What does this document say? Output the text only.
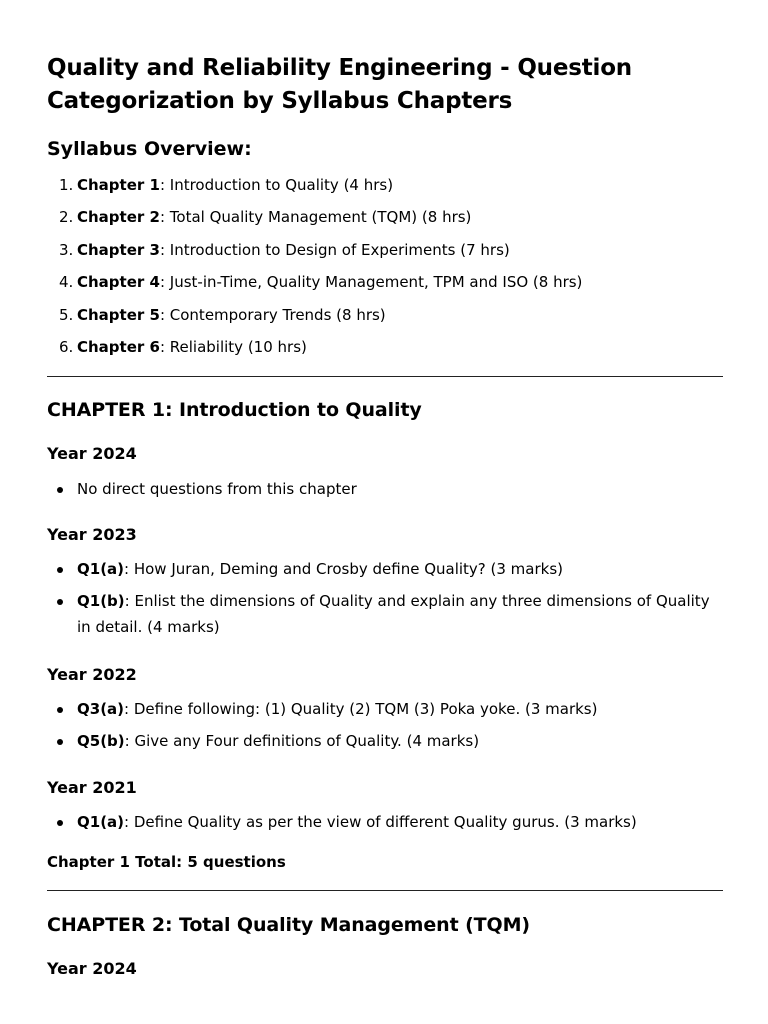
Quality and Reliability Engineering - Question Categorization by Syllabus Chapters
Syllabus Overview:
1. Chapter 1: Introduction to Quality (4 hrs)
2. Chapter 2: Total Quality Management (TQM) (8 hrs)
3. Chapter 3: Introduction to Design of Experiments (7 hrs)
4. Chapter 4: Just-in-Time, Quality Management, TPM and ISO (8 hrs)
5. Chapter 5: Contemporary Trends (8 hrs)
6. Chapter 6: Reliability (10 hrs)
CHAPTER 1: Introduction to Quality
Year 2024
No direct questions from this chapter
Year 2023
Q1(a): How Juran, Deming and Crosby define Quality? (3 marks)
Q1(b): Enlist the dimensions of Quality and explain any three dimensions of Quality in detail. (4 marks)
Year 2022
Q3(a): Define following: (1) Quality (2) TQM (3) Poka yoke. (3 marks)
Q5(b): Give any Four definitions of Quality. (4 marks)
Year 2021
Q1(a): Define Quality as per the view of different Quality gurus. (3 marks)

Chapter 1 Total: 5 questions

CHAPTER 2: Total Quality Management (TQM)
Year 2024
